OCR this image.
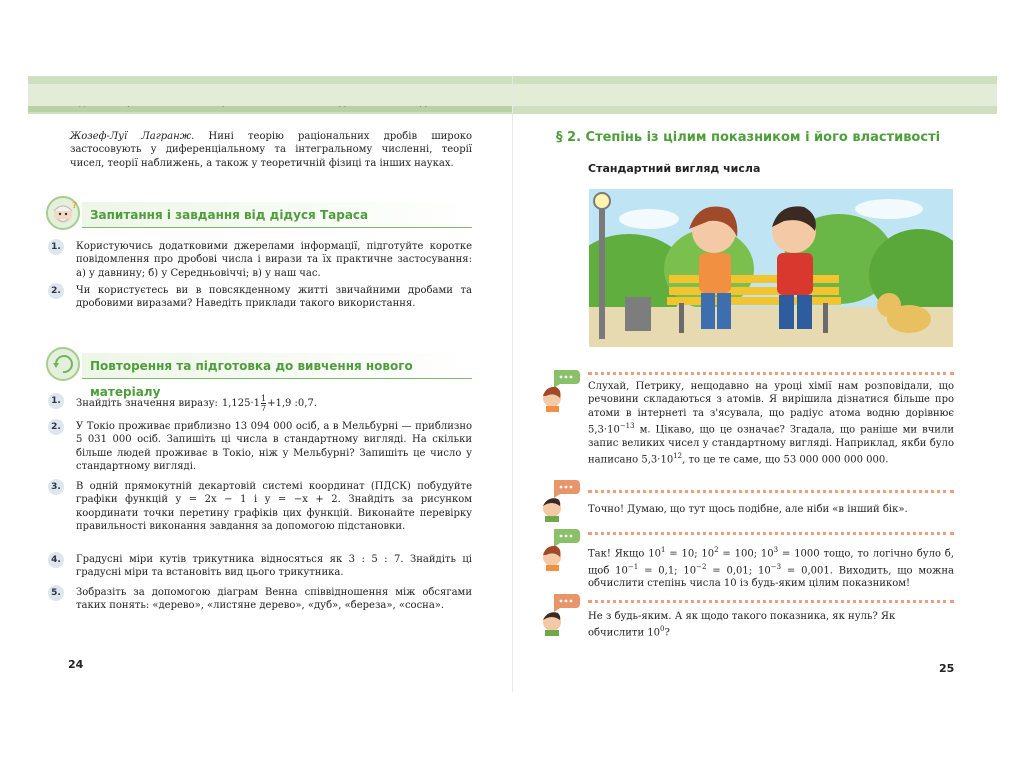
24	25
Жозеф-Луї Лагранж. Нині теорію раціональних дробів широко застосовують у диференціальному та інтегральному численні, теорії чисел, теорії наближень, а також у теоретичній фізиці та інших науках.
?
Запитання і завдання від дідуся Тараса
1.	Користуючись додатковими джерелами інформації, підготуйте коротке повідомлення про дробові числа і вирази та їх практичне застосування: а) у давнину; б) у Середньовіччі; в) у наш час.
2.	Чи користуєтесь ви в повсякденному житті звичайними дробами та дробовими виразами? Наведіть приклади такого використання.
Повторення та підготовка до вивчення нового матеріалу
1.	Знайдіть значення виразу: $1,125\cdot 1 \frac{1}{7} +1,9$ :0,7.
2.	У Токіо проживає приблизно 13 094 000 осіб, а в Мельбурні — приблизно 5 031 000 осіб. Запишіть ці числа в стандартному вигляді. На скільки більше людей проживає в Токіо, ніж у Мельбурні? Запишіть це число у стандартному вигляді.
3.	В одній прямокутній декартовій системі координат (ПДСК) побудуйте графіки функцій y = 2x − 1 і y = −x + 2. Знайдіть за рисунком координати точки перетину графіків цих функцій. Виконайте перевірку правильності виконання завдання за допомогою підстановки.
4.	Градусні міри кутів трикутника відносяться як 3 : 5 : 7. Знайдіть ці градусні міри та встановіть вид цього трикутника.
5.	Зобразіть за допомогою діаграм Венна співвідношення між обсягами таких понять: «дерево», «листяне дерево», «дуб», «береза», «сосна».
§ 2. Степінь із цілим показником і його властивості
Стандартний вигляд числа
Слухай, Петрику, нещодавно на уроці хімії нам розповідали, що речовини складаються з атомів. Я вирішила дізнатися більше про атоми в інтернеті та з'ясувала, що радіус атома водню дорівнює $5,3\cdot 10^{-13}$ м. Цікаво, що це означає? Згадала, що раніше ми вчили запис великих чисел у стандартному вигляді. Наприклад, якби було написано $5,3\cdot 10^{12}$, то це те саме, що 53 000 000 000 000.
Точно! Думаю, що тут щось подібне, але ніби «в інший бік».
Так! Якщо $10^1 = 10$; $10^2 = 100$; $10^3 = 1000$ тощо, то логічно було б, щоб $10^{-1} = 0,1$; $10^{-2} = 0,01$; $10^{-3} = 0,001$. Виходить, що можна обчислити степінь числа 10 із будь-яким цілим показником!
Не з будь-яким. А як щодо такого показника, як нуль? Як обчислити $10^0$?
